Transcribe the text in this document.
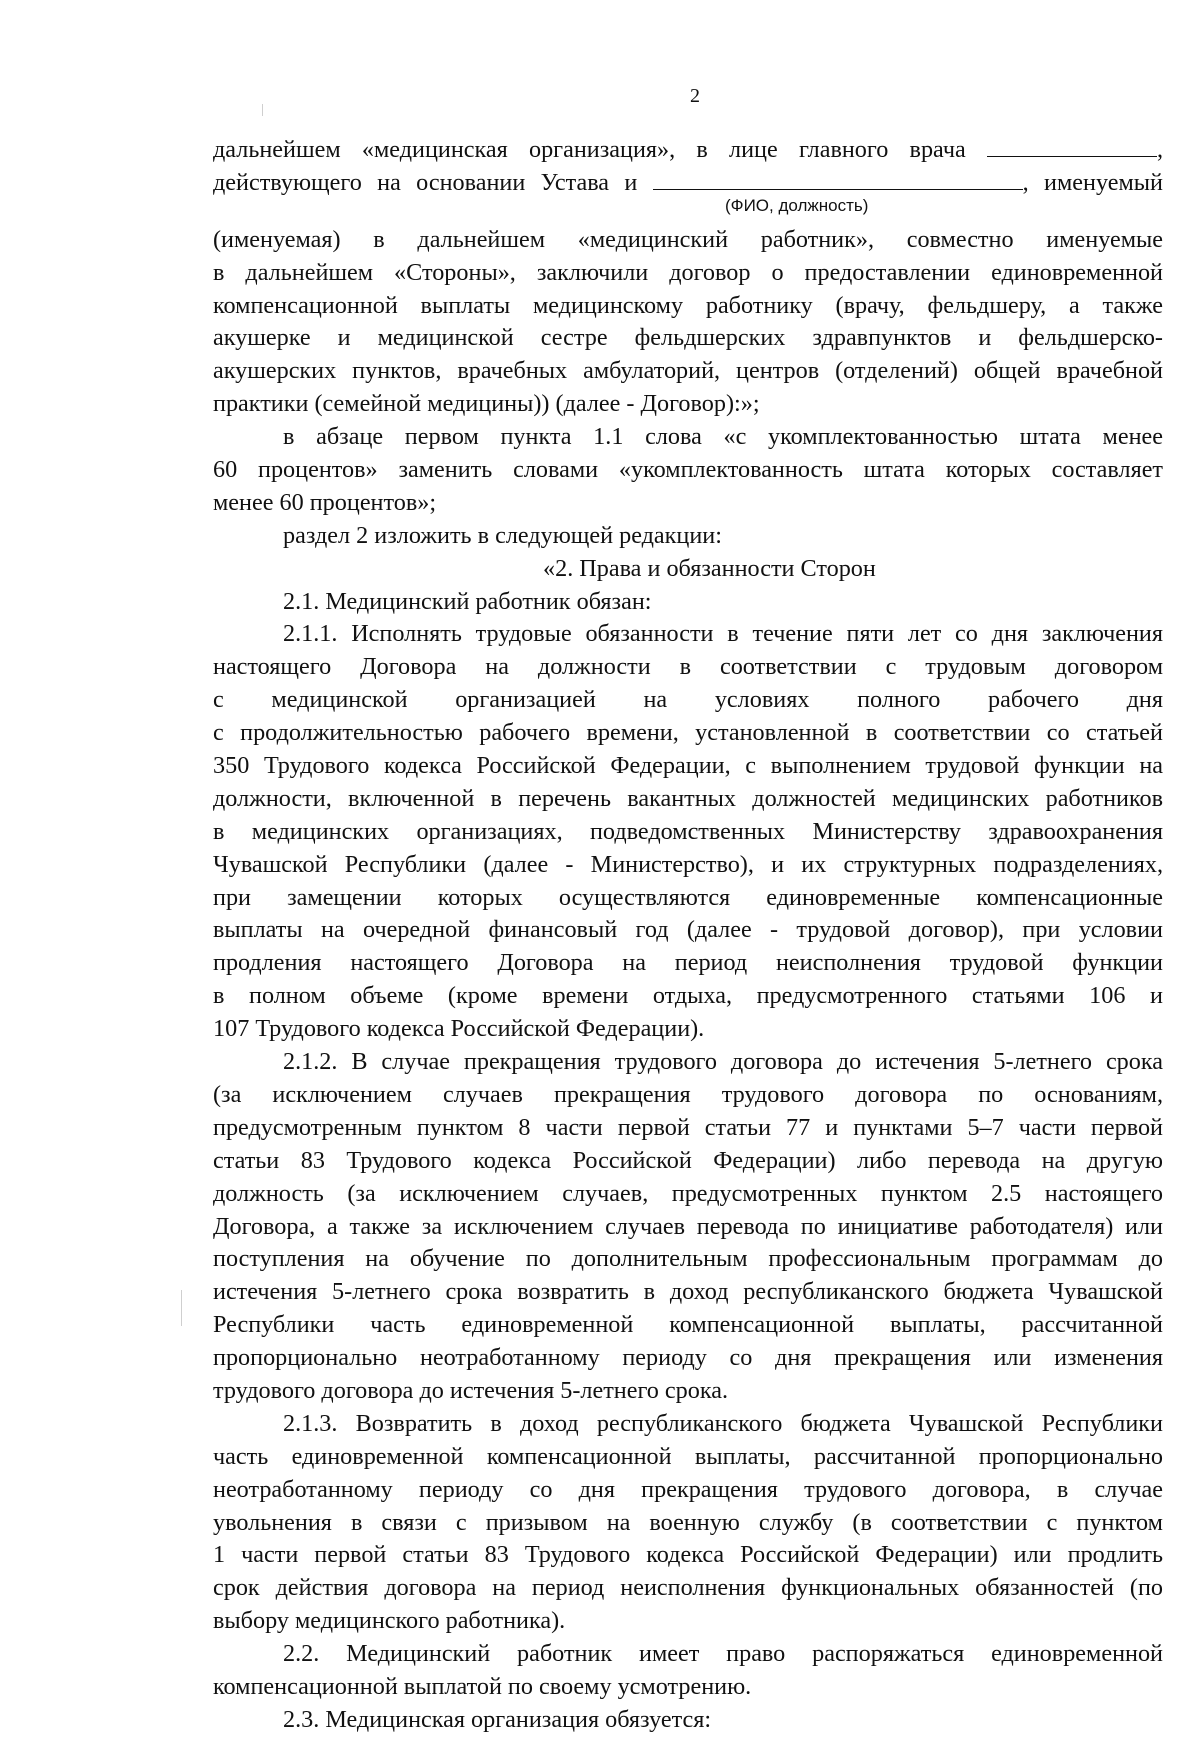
2
дальнейшем «медицинская организация», в лице главного врача	,
действующего на основании Устава и	, именуемый
(ФИО, должность)
(именуемая) в дальнейшем «медицинский работник», совместно именуемые
в дальнейшем «Стороны», заключили договор о предоставлении единовременной
компенсационной выплаты медицинскому работнику (врачу, фельдшеру, а также
акушерке и медицинской сестре фельдшерских здравпунктов и фельдшерско-
акушерских пунктов, врачебных амбулаторий, центров (отделений) общей врачебной
практики (семейной медицины)) (далее - Договор):»;
в абзаце первом пункта 1.1 слова «с укомплектованностью штата менее
60 процентов» заменить словами «укомплектованность штата которых составляет
менее 60 процентов»;
раздел 2 изложить в следующей редакции:
«2. Права и обязанности Сторон
2.1. Медицинский работник обязан:
2.1.1. Исполнять трудовые обязанности в течение пяти лет со дня заключения
настоящего Договора на должности в соответствии с трудовым договором
с медицинской организацией на условиях полного рабочего дня
с продолжительностью рабочего времени, установленной в соответствии со статьей
350 Трудового кодекса Российской Федерации, с выполнением трудовой функции на
должности, включенной в перечень вакантных должностей медицинских работников
в медицинских организациях, подведомственных Министерству здравоохранения
Чувашской Республики (далее - Министерство), и их структурных подразделениях,
при замещении которых осуществляются единовременные компенсационные
выплаты на очередной финансовый год (далее - трудовой договор), при условии
продления настоящего Договора на период неисполнения трудовой функции
в полном объеме (кроме времени отдыха, предусмотренного статьями 106 и
107 Трудового кодекса Российской Федерации).
2.1.2. В случае прекращения трудового договора до истечения 5-летнего срока
(за исключением случаев прекращения трудового договора по основаниям,
предусмотренным пунктом 8 части первой статьи 77 и пунктами 5–7 части первой
статьи 83 Трудового кодекса Российской Федерации) либо перевода на другую
должность (за исключением случаев, предусмотренных пунктом 2.5 настоящего
Договора, а также за исключением случаев перевода по инициативе работодателя) или
поступления на обучение по дополнительным профессиональным программам до
истечения 5-летнего срока возвратить в доход республиканского бюджета Чувашской
Республики часть единовременной компенсационной выплаты, рассчитанной
пропорционально неотработанному периоду со дня прекращения или изменения
трудового договора до истечения 5-летнего срока.
2.1.3. Возвратить в доход республиканского бюджета Чувашской Республики
часть единовременной компенсационной выплаты, рассчитанной пропорционально
неотработанному периоду со дня прекращения трудового договора, в случае
увольнения в связи с призывом на военную службу (в соответствии с пунктом
1 части первой статьи 83 Трудового кодекса Российской Федерации) или продлить
срок действия договора на период неисполнения функциональных обязанностей (по
выбору медицинского работника).
2.2. Медицинский работник имеет право распоряжаться единовременной
компенсационной выплатой по своему усмотрению.
2.3. Медицинская организация обязуется:
